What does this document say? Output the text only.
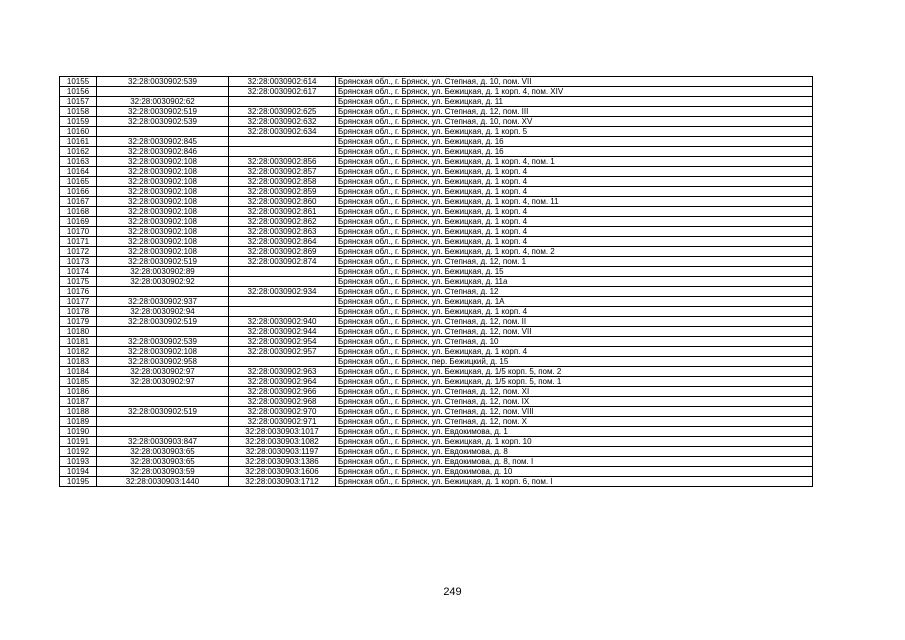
10155	32:28:0030902:539	32:28:0030902:614	Брянская обл., г. Брянск, ул. Степная, д. 10, пом. VII
10156		32:28:0030902:617	Брянская обл., г. Брянск, ул. Бежицкая, д. 1 корп. 4, пом. XIV
10157	32:28:0030902:62		Брянская обл., г. Брянск, ул. Бежицкая, д. 11
10158	32:28:0030902:519	32:28:0030902:625	Брянская обл., г. Брянск, ул. Степная, д. 12, пом. III
10159	32:28:0030902:539	32:28:0030902:632	Брянская обл., г. Брянск, ул. Степная, д. 10, пом. XV
10160		32:28:0030902:634	Брянская обл., г. Брянск, ул. Бежицкая, д. 1 корп. 5
10161	32:28:0030902:845		Брянская обл., г. Брянск, ул. Бежицкая, д. 16
10162	32:28:0030902:846		Брянская обл., г. Брянск, ул. Бежицкая, д. 16
10163	32:28:0030902:108	32:28:0030902:856	Брянская обл., г. Брянск, ул. Бежицкая, д. 1 корп. 4, пом. 1
10164	32:28:0030902:108	32:28:0030902:857	Брянская обл., г. Брянск, ул. Бежицкая, д. 1 корп. 4
10165	32:28:0030902:108	32:28:0030902:858	Брянская обл., г. Брянск, ул. Бежицкая, д. 1 корп. 4
10166	32:28:0030902:108	32:28:0030902:859	Брянская обл., г. Брянск, ул. Бежицкая, д. 1 корп. 4
10167	32:28:0030902:108	32:28:0030902:860	Брянская обл., г. Брянск, ул. Бежицкая, д. 1 корп. 4, пом. 11
10168	32:28:0030902:108	32:28:0030902:861	Брянская обл., г. Брянск, ул. Бежицкая, д. 1 корп. 4
10169	32:28:0030902:108	32:28:0030902:862	Брянская обл., г. Брянск, ул. Бежицкая, д. 1 корп. 4
10170	32:28:0030902:108	32:28:0030902:863	Брянская обл., г. Брянск, ул. Бежицкая, д. 1 корп. 4
10171	32:28:0030902:108	32:28:0030902:864	Брянская обл., г. Брянск, ул. Бежицкая, д. 1 корп. 4
10172	32:28:0030902:108	32:28:0030902:869	Брянская обл., г. Брянск, ул. Бежицкая, д. 1 корп. 4, пом. 2
10173	32:28:0030902:519	32:28:0030902:874	Брянская обл., г. Брянск, ул. Степная, д. 12, пом. 1
10174	32:28:0030902:89		Брянская обл., г. Брянск, ул. Бежицкая, д. 15
10175	32:28:0030902:92		Брянская обл., г. Брянск, ул. Бежицкая, д. 11а
10176		32:28:0030902:934	Брянская обл., г. Брянск, ул. Степная, д. 12
10177	32:28:0030902:937		Брянская обл., г. Брянск, ул. Бежицкая, д. 1А
10178	32:28:0030902:94		Брянская обл., г. Брянск, ул. Бежицкая, д. 1 корп. 4
10179	32:28:0030902:519	32:28:0030902:940	Брянская обл., г. Брянск, ул. Степная, д. 12, пом. II
10180		32:28:0030902:944	Брянская обл., г. Брянск, ул. Степная, д. 12, пом. VII
10181	32:28:0030902:539	32:28:0030902:954	Брянская обл., г. Брянск, ул. Степная, д. 10
10182	32:28:0030902:108	32:28:0030902:957	Брянская обл., г. Брянск, ул. Бежицкая, д. 1 корп. 4
10183	32:28:0030902:958		Брянская обл., г. Брянск, пер. Бежицкий, д. 15
10184	32:28:0030902:97	32:28:0030902:963	Брянская обл., г. Брянск, ул. Бежицкая, д. 1/5 корп. 5, пом. 2
10185	32:28:0030902:97	32:28:0030902:964	Брянская обл., г. Брянск, ул. Бежицкая, д. 1/5 корп. 5, пом. 1
10186		32:28:0030902:966	Брянская обл., г. Брянск, ул. Степная, д. 12, пом. XI
10187		32:28:0030902:968	Брянская обл., г. Брянск, ул. Степная, д. 12, пом. IX
10188	32:28:0030902:519	32:28:0030902:970	Брянская обл., г. Брянск, ул. Степная, д. 12, пом. VIII
10189		32:28:0030902:971	Брянская обл., г. Брянск, ул. Степная, д. 12, пом. X
10190		32:28:0030903:1017	Брянская обл., г. Брянск, ул. Евдокимова, д. 1
10191	32:28:0030903:847	32:28:0030903:1082	Брянская обл., г. Брянск, ул. Бежицкая, д. 1 корп. 10
10192	32:28:0030903:65	32:28:0030903:1197	Брянская обл., г. Брянск, ул. Евдокимова, д. 8
10193	32:28:0030903:65	32:28:0030903:1386	Брянская обл., г. Брянск, ул. Евдокимова, д. 8, пом. I
10194	32:28:0030903:59	32:28:0030903:1606	Брянская обл., г. Брянск, ул. Евдокимова, д. 10
10195	32:28:0030903:1440	32:28:0030903:1712	Брянская обл., г. Брянск, ул. Бежицкая, д. 1 корп. 6, пом. I
249
